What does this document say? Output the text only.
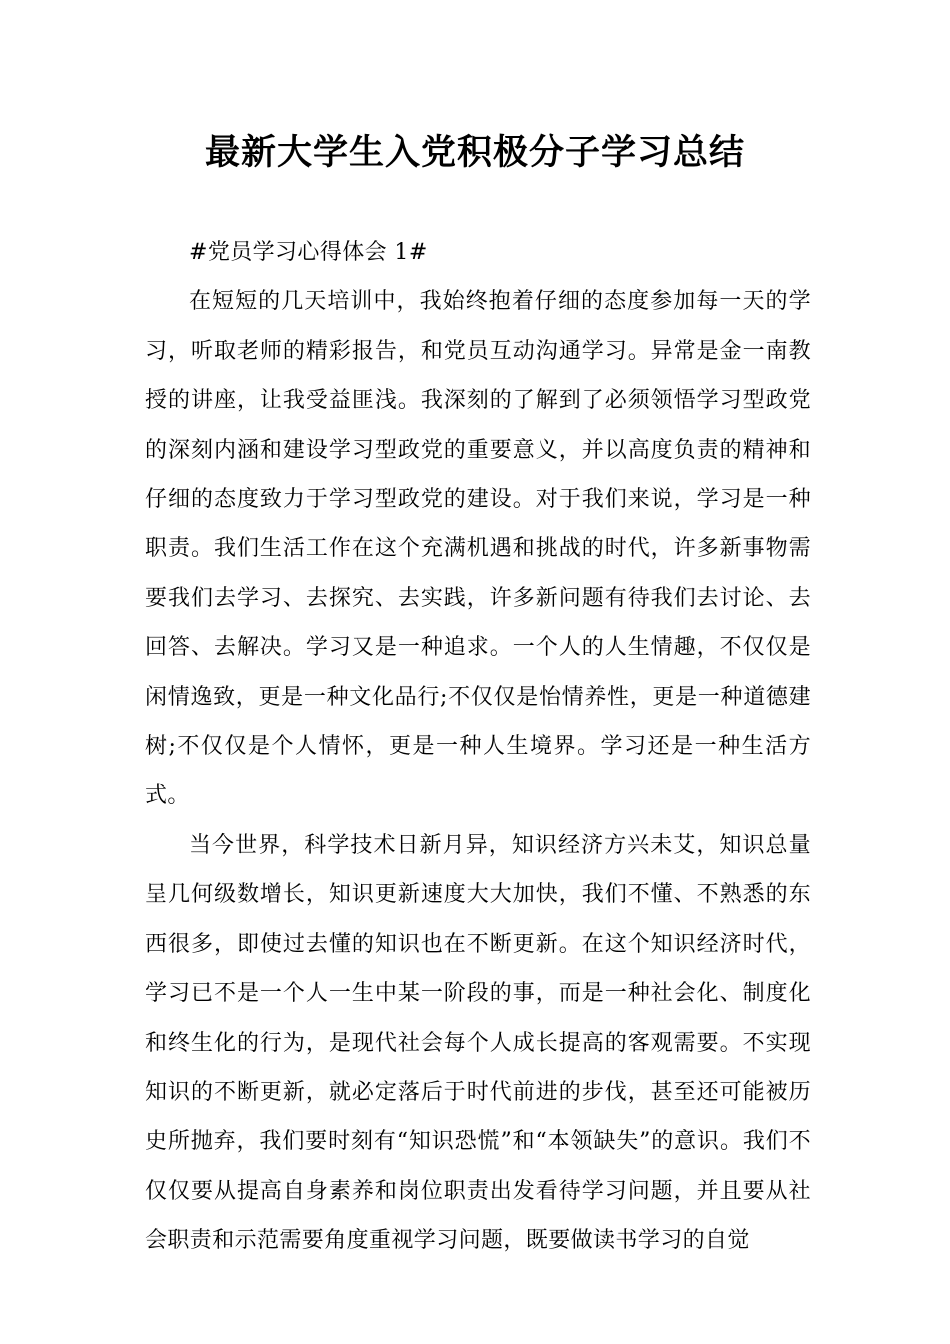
最新大学生入党积极分子学习总结

#党员学习心得体会 1#

在短短的几天培训中，我始终抱着仔细的态度参加每一天的学习，听取老师的精彩报告，和党员互动沟通学习。异常是金一南教授的讲座，让我受益匪浅。我深刻的了解到了必须领悟学习型政党的深刻内涵和建设学习型政党的重要意义，并以高度负责的精神和仔细的态度致力于学习型政党的建设。对于我们来说，学习是一种职责。我们生活工作在这个充满机遇和挑战的时代，许多新事物需要我们去学习、去探究、去实践，许多新问题有待我们去讨论、去回答、去解决。学习又是一种追求。一个人的人生情趣，不仅仅是闲情逸致，更是一种文化品行;不仅仅是怡情养性，更是一种道德建树;不仅仅是个人情怀，更是一种人生境界。学习还是一种生活方式。

当今世界，科学技术日新月异，知识经济方兴未艾，知识总量呈几何级数增长，知识更新速度大大加快，我们不懂、不熟悉的东西很多，即使过去懂的知识也在不断更新。在这个知识经济时代，学习已不是一个人一生中某一阶段的事，而是一种社会化、制度化和终生化的行为，是现代社会每个人成长提高的客观需要。不实现知识的不断更新，就必定落后于时代前进的步伐，甚至还可能被历史所抛弃，我们要时刻有“知识恐慌”和“本领缺失”的意识。我们不仅仅要从提高自身素养和岗位职责出发看待学习问题，并且要从社会职责和示范需要角度重视学习问题，既要做读书学习的自觉
